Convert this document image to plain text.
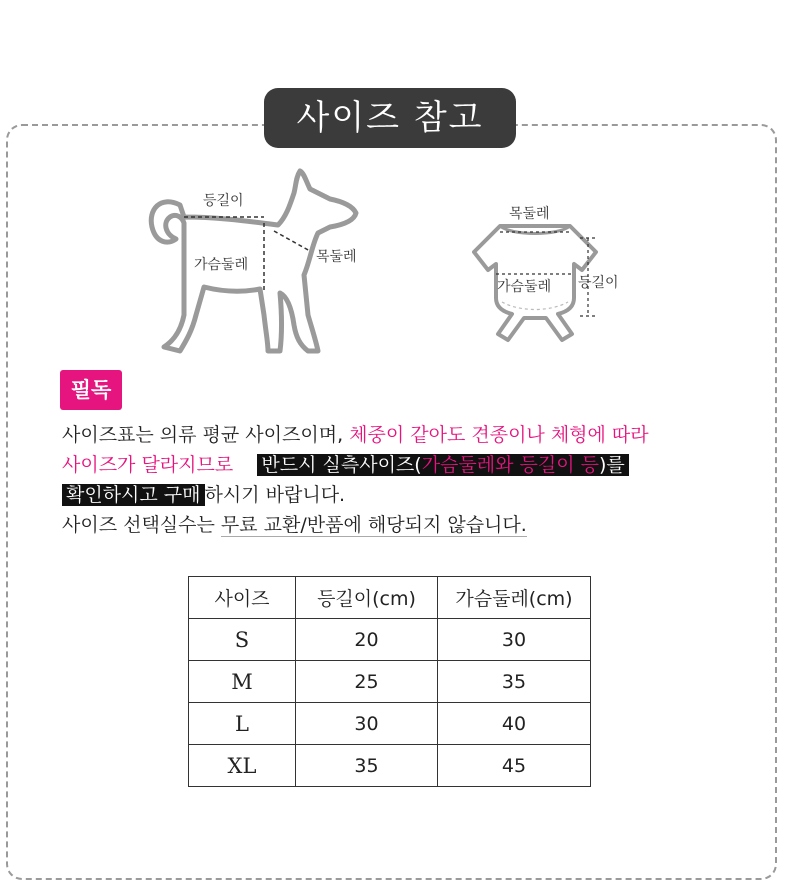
사이즈 참고
등길이
가슴둘레	목둘레
목둘레
가슴둘레 등길이
필독
사이즈표는 의류 평균 사이즈이며, 체중이 같아도 견종이나 체형에 따라
사이즈가 달라지므로 반드시 실측사이즈(가슴둘레와 등길이 등)를
확인하시고 구매 하시기 바랍니다.
사이즈 선택실수는 무료 교환/반품에 해당되지 않습니다.
사이즈	등길이(cm)	가슴둘레(cm)
S	20	30
M	25	35
L	30	40
XL	35	45
